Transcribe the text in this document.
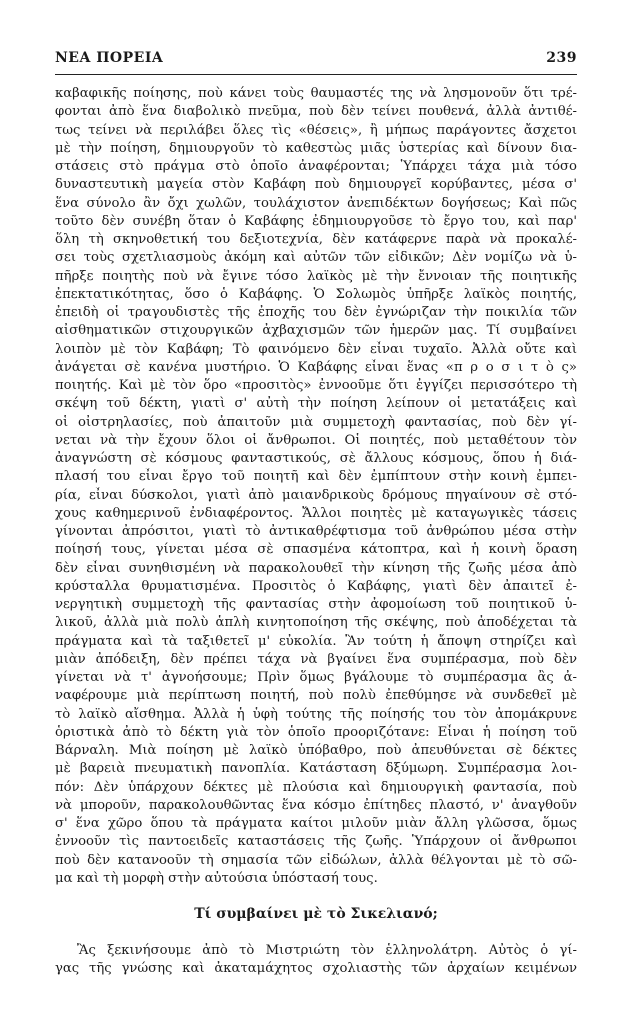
ΝΕΑ ΠΟΡΕΙΑ	239
καβαφικῆς ποίησης, ποὺ κάνει τοὺς θαυμαστές της νὰ λησμονοῦν ὅτι τρέ-
φονται ἀπὸ ἕνα διαβολικὸ πνεῦμα, ποὺ δὲν τείνει πουθενά, ἀλλὰ ἀντιθέ-
τως τείνει νὰ περιλάβει ὅλες τὶς «θέσεις», ἢ μήπως παράγοντες ἄσχετοι
μὲ τὴν ποίηση, δημιουργοῦν τὸ καθεστὼς μιᾶς ὑστερίας καὶ δίνουν δια-
στάσεις στὸ πράγμα στὸ ὁποῖο ἀναφέρονται; Ὑπάρχει τάχα μιὰ τόσο
δυναστευτικὴ μαγεία στὸν Καβάφη ποὺ δημιουργεῖ κορύβαντες, μέσα σ'
ἕνα σύνολο ἂν ὄχι χωλῶν, τουλάχιστον ἀνεπιδέκτων δογήσεως; Καὶ πῶς
τοῦτο δὲν συνέβη ὅταν ὁ Καβάφης ἐδημιουργοῦσε τὸ ἔργο του, καὶ παρ'
ὅλη τὴ σκηνοθετική του δεξιοτεχνία, δὲν κατάφερνε παρὰ νὰ προκαλέ-
σει τοὺς σχετλιασμοὺς ἀκόμη καὶ αὐτῶν τῶν εἰδικῶν; Δὲν νομίζω νὰ ὑ-
πῆρξε ποιητὴς ποὺ νὰ ἔγινε τόσο λαϊκὸς μὲ τὴν ἔννοιαν τῆς ποιητικῆς
ἐπεκτατικότητας, ὅσο ὁ Καβάφης. Ὁ Σολωμὸς ὑπῆρξε λαϊκὸς ποιητής,
ἐπειδὴ οἱ τραγουδιστὲς τῆς ἐποχῆς του δὲν ἐγνώριζαν τὴν ποικιλία τῶν
αἰσθηματικῶν στιχουργικῶν ἀχβαχισμῶν τῶν ἡμερῶν μας. Τί συμβαίνει
λοιπὸν μὲ τὸν Καβάφη; Τὸ φαινόμενο δὲν εἶναι τυχαῖο. Ἀλλὰ οὔτε καὶ
ἀνάγεται σὲ κανένα μυστήριο. Ὁ Καβάφης εἶναι ἕνας «π ρ ο σ ι τ ὸ ς»
ποιητής. Καὶ μὲ τὸν ὅρο «προσιτὸς» ἐννοοῦμε ὅτι ἐγγίζει περισσότερο τὴ
σκέψη τοῦ δέκτη, γιατὶ σ' αὐτὴ τὴν ποίηση λείπουν οἱ μετατάξεις καὶ
οἱ οἰστρηλασίες, ποὺ ἀπαιτοῦν μιὰ συμμετοχὴ φαντασίας, ποὺ δὲν γί-
νεται νὰ τὴν ἔχουν ὅλοι οἱ ἄνθρωποι. Οἱ ποιητές, ποὺ μεταθέτουν τὸν
ἀναγνώστη σὲ κόσμους φανταστικούς, σὲ ἄλλους κόσμους, ὅπου ἡ διά-
πλασή του εἶναι ἔργο τοῦ ποιητῆ καὶ δὲν ἐμπίπτουν στὴν κοινὴ ἐμπει-
ρία, εἶναι δύσκολοι, γιατὶ ἀπὸ μαιανδρικοὺς δρόμους πηγαίνουν σὲ στό-
χους καθημερινοῦ ἐνδιαφέροντος. Ἄλλοι ποιητὲς μὲ καταγωγικὲς τάσεις
γίνονται ἀπρόσιτοι, γιατὶ τὸ ἀντικαθρέφτισμα τοῦ ἀνθρώπου μέσα στὴν
ποίησή τους, γίνεται μέσα σὲ σπασμένα κάτοπτρα, καὶ ἡ κοινὴ ὅραση
δὲν εἶναι συνηθισμένη νὰ παρακολουθεῖ τὴν κίνηση τῆς ζωῆς μέσα ἀπὸ
κρύσταλλα θρυματισμένα. Προσιτὸς ὁ Καβάφης, γιατὶ δὲν ἀπαιτεῖ ἐ-
νεργητικὴ συμμετοχὴ τῆς φαντασίας στὴν ἀφομοίωση τοῦ ποιητικοῦ ὑ-
λικοῦ, ἀλλὰ μιὰ πολὺ ἁπλὴ κινητοποίηση τῆς σκέψης, ποὺ ἀποδέχεται τὰ
πράγματα καὶ τὰ ταξιθετεῖ μ' εὐκολία. Ἂν τούτη ἡ ἄποψη στηρίζει καὶ
μιὰν ἀπόδειξη, δὲν πρέπει τάχα νὰ βγαίνει ἕνα συμπέρασμα, ποὺ δὲν
γίνεται νὰ τ' ἀγνοήσουμε; Πρὶν ὅμως βγάλουμε τὸ συμπέρασμα ἂς ἀ-
ναφέρουμε μιὰ περίπτωση ποιητή, ποὺ πολὺ ἐπεθύμησε νὰ συνδεθεῖ μὲ
τὸ λαϊκὸ αἴσθημα. Ἀλλὰ ἡ ὑφὴ τούτης τῆς ποίησής του τὸν ἀπομάκρυνε
ὁριστικὰ ἀπὸ τὸ δέκτη γιὰ τὸν ὁποῖο προοριζότανε: Εἶναι ἡ ποίηση τοῦ
Βάρναλη. Μιὰ ποίηση μὲ λαϊκὸ ὑπόβαθρο, ποὺ ἀπευθύνεται σὲ δέκτες
μὲ βαρειὰ πνευματικὴ πανοπλία. Κατάσταση δξύμωρη. Συμπέρασμα λοι-
πόν: Δὲν ὑπάρχουν δέκτες μὲ πλούσια καὶ δημιουργικὴ φαντασία, ποὺ
νὰ μποροῦν, παρακολουθῶντας ἕνα κόσμο ἐπίτηδες πλαστό, ν' ἀναγθοῦν
σ' ἕνα χῶρο ὅπου τὰ πράγματα καίτοι μιλοῦν μιὰν ἄλλη γλῶσσα, ὅμως
ἐννοοῦν τὶς παντοειδεῖς καταστάσεις τῆς ζωῆς. Ὑπάρχουν οἱ ἄνθρωποι
ποὺ δὲν κατανοοῦν τὴ σημασία τῶν εἰδώλων, ἀλλὰ θέλγονται μὲ τὸ σῶ-
μα καὶ τὴ μορφὴ στὴν αὐτούσια ὑπόστασή τους.
Τί συμβαίνει μὲ τὸ Σικελιανό;
Ἂς ξεκινήσουμε ἀπὸ τὸ Μιστριώτη τὸν ἑλληνολάτρη. Αὐτὸς ὁ γί-
γας τῆς γνώσης καὶ ἀκαταμάχητος σχολιαστὴς τῶν ἀρχαίων κειμένων
